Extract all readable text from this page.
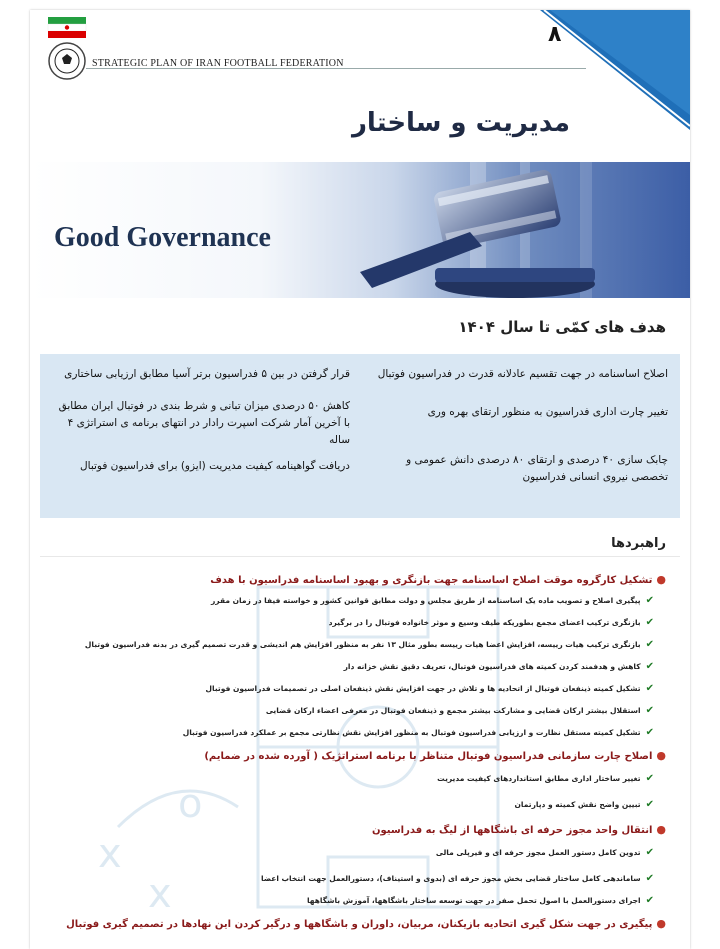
۸
STRATEGIC PLAN OF IRAN FOOTBALL FEDERATION
مدیریت و ساختار
Good Governance
هدف های کمّی تا سال ۱۴۰۴
اصلاح اساسنامه در جهت تقسیم عادلانه قدرت در فدراسیون فوتبال
تغییر چارت اداری فدراسیون به منظور ارتقای بهره وری
چابک سازی ۴۰ درصدی و ارتقای ۸۰ درصدی دانش عمومی و تخصصی نیروی انسانی فدراسیون
قرار گرفتن در بین ۵ فدراسیون برتر آسیا مطابق ارزیابی ساختاری
کاهش ۵۰ درصدی میزان تبانی و شرط بندی در فوتبال ایران مطابق با آخرین آمار شرکت اسپرت رادار در انتهای برنامه ی استراتژی ۴ ساله
دریافت گواهینامه کیفیت مدیریت (ایزو) برای فدراسیون فوتبال
راهبردها
x
o
x
●تشکیل کارگروه موقت اصلاح اساسنامه جهت بازنگری و بهبود اساسنامه فدراسیون با هدف
✔پیگیری اصلاح و تصویب ماده یک اساسنامه از طریق مجلس و دولت مطابق قوانین کشور و خواسته فیفا در زمان مقرر
✔بازنگری ترکیب اعضای مجمع بطوریکه طیف وسیع و موثر خانواده فوتبال را در برگیرد
✔بازنگری ترکیب هیات رییسه، افزایش اعضا هیات رییسه بطور مثال ۱۳ نفر به منظور افزایش هم اندیشی و قدرت تصمیم گیری در بدنه فدراسیون فوتبال
✔کاهش و هدفمند کردن کمیته های فدراسیون فوتبال، تعریف دقیق نقش خزانه دار
✔تشکیل کمیته ذینفعان فوتبال از اتحادیه ها و تلاش در جهت افزایش نقش ذینفعان اصلی در تصمیمات فدراسیون فوتبال
✔استقلال بیشتر ارکان قضایی و مشارکت بیشتر مجمع و ذینفعان فوتبال در معرفی اعضاء ارکان قضایی
✔تشکیل کمیته مستقل نظارت و ارزیابی فدراسیون فوتبال به منظور افزایش نقش نظارتی مجمع بر عملکرد فدراسیون فوتبال
●اصلاح چارت سازمانی فدراسیون فوتبال متناظر با برنامه استراتژیک ( آورده شده در ضمایم)
✔تغییر ساختار اداری مطابق استانداردهای کیفیت مدیریت
✔تبیین واضح نقش کمیته و دپارتمان
●انتقال واحد مجوز حرفه ای باشگاهها از لیگ به فدراسیون
✔تدوین کامل دستور العمل مجوز حرفه ای و فیرپلی مالی
✔ساماندهی کامل ساختار قضایی بخش مجوز حرفه ای (بدوی و استیناف)، دستورالعمل جهت انتخاب اعضا
✔اجرای دستورالعمل با اصول تحمل صفر در جهت توسعه ساختار باشگاهها، آموزش باشگاهها
●پیگیری در جهت شکل گیری اتحادیه بازیکنان، مربیان، داوران و باشگاهها و درگیر کردن این نهادها در تصمیم گیری فوتبال
